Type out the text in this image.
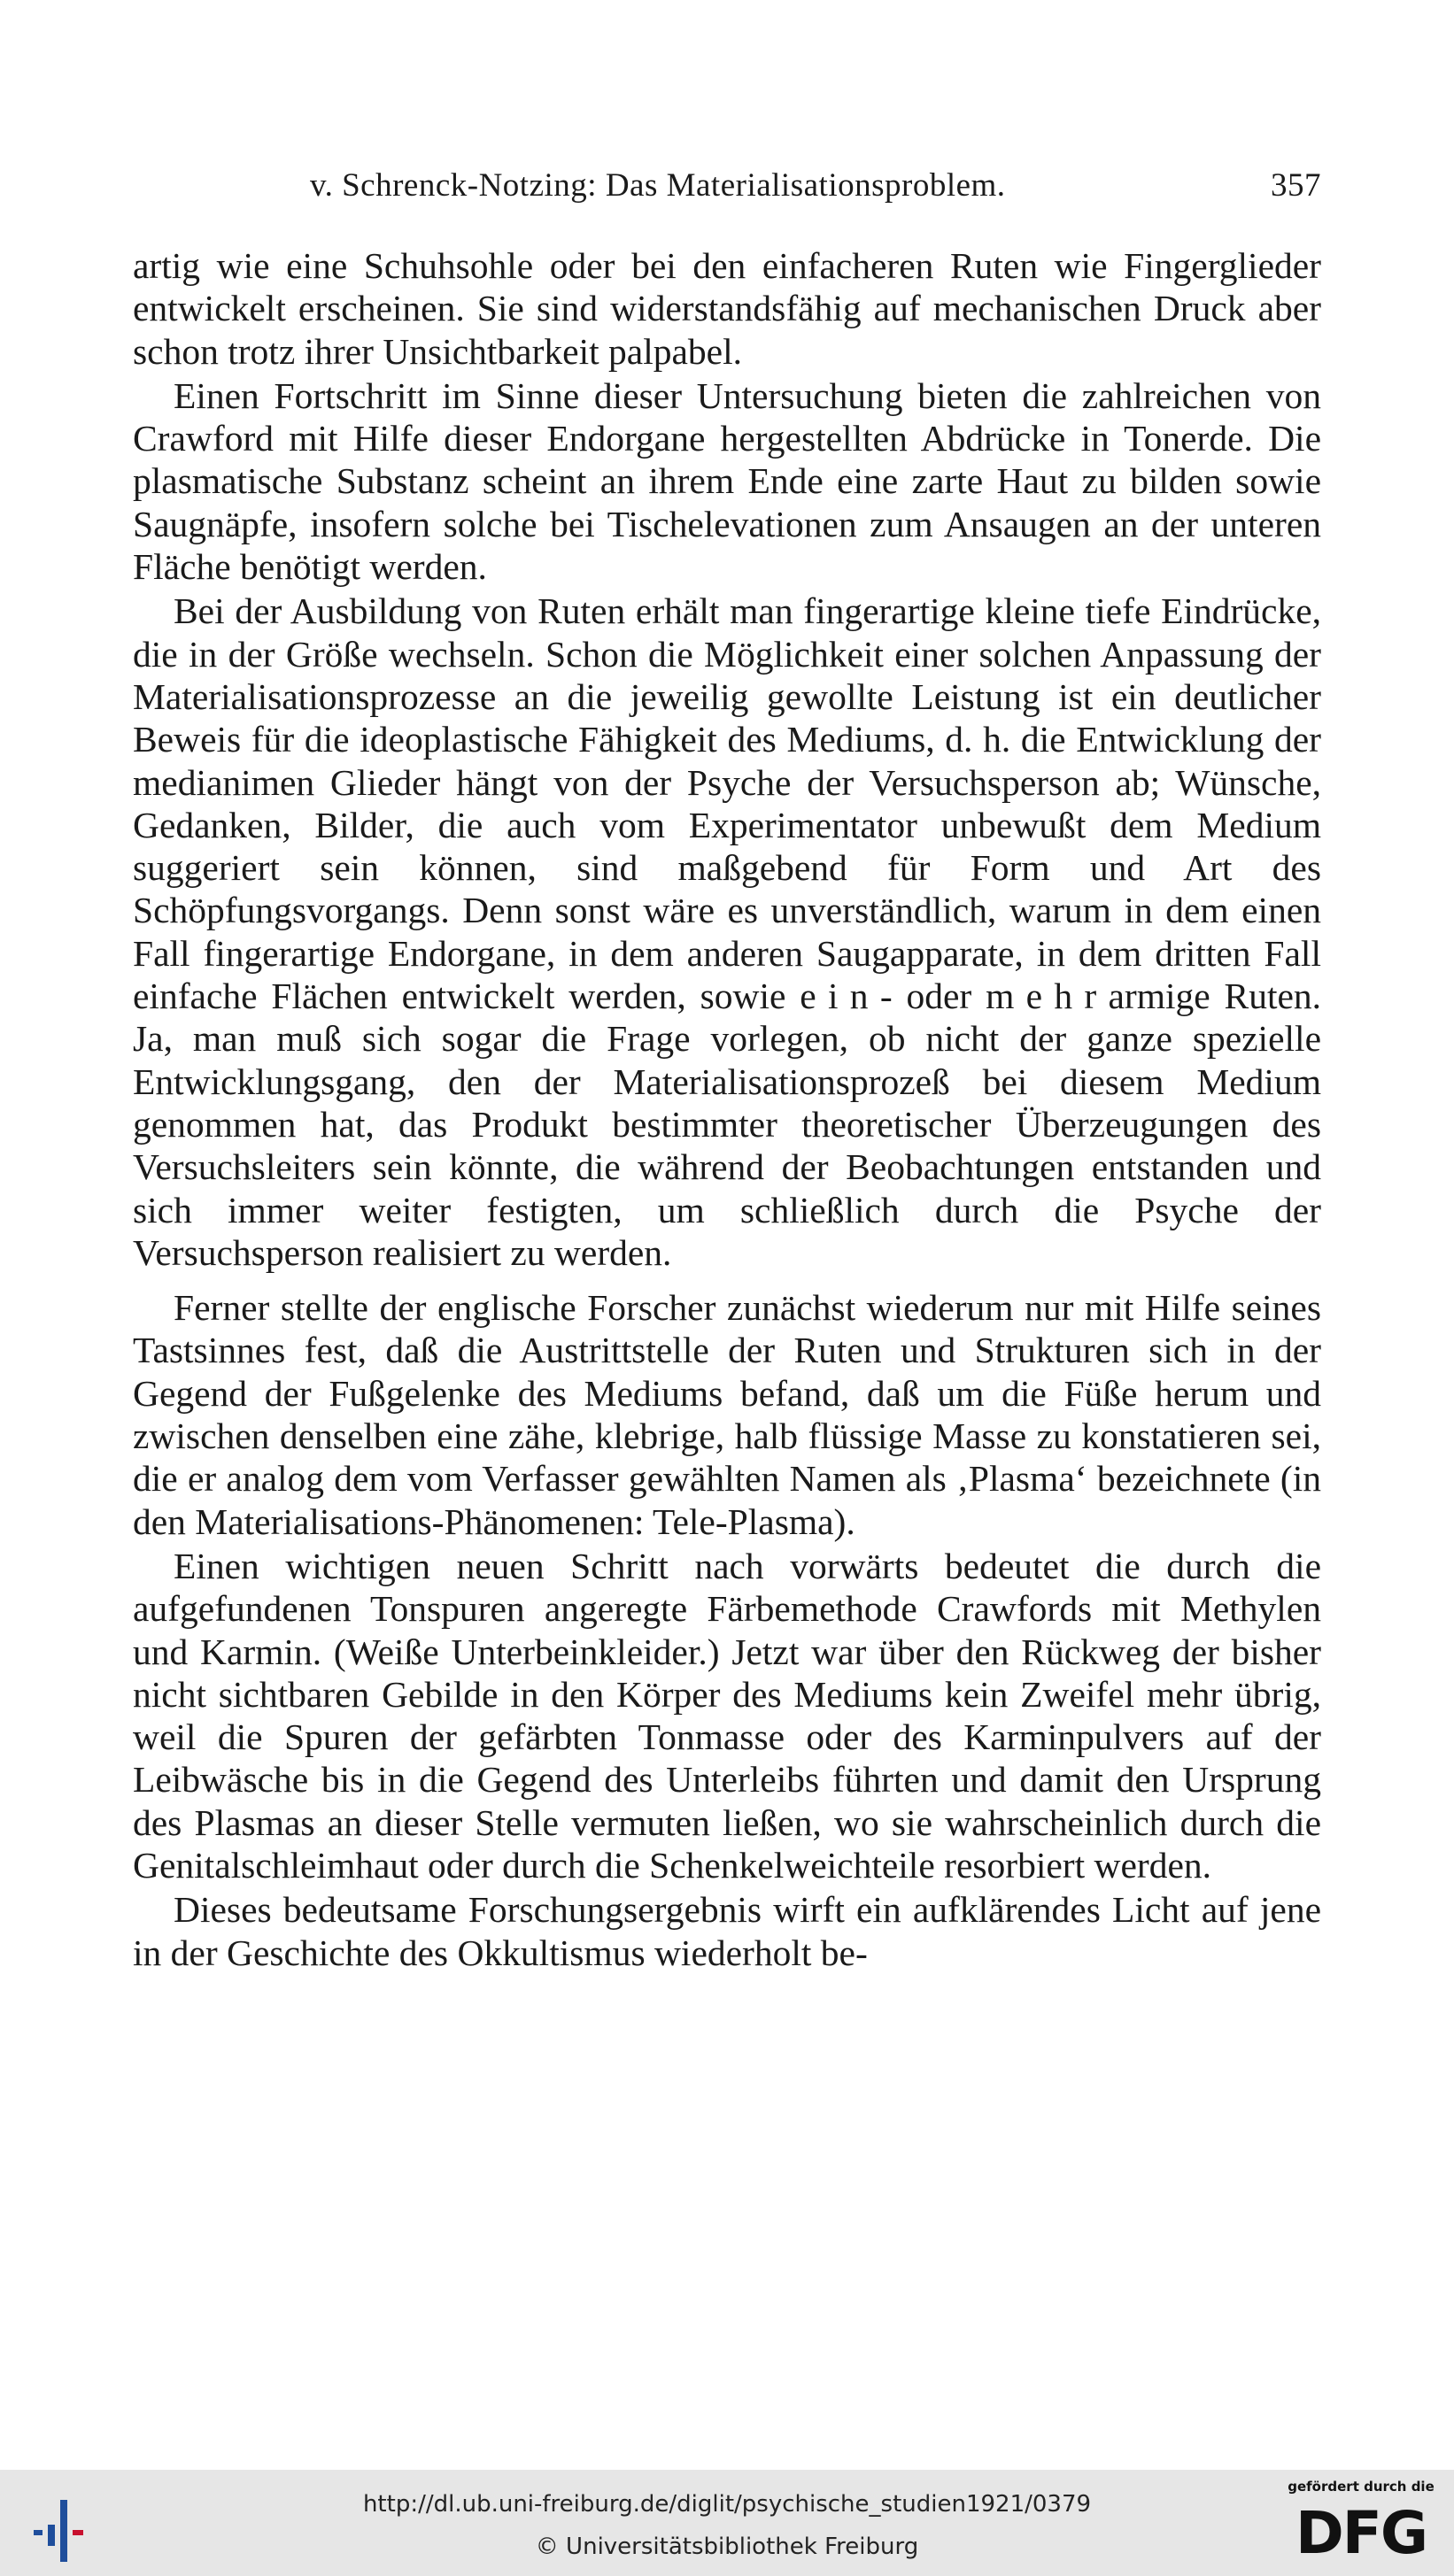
v. Schrenck-Notzing: Das Materialisationsproblem.	357

artig wie eine Schuhsohle oder bei den einfacheren Ruten wie Fingerglieder entwickelt erscheinen. Sie sind widerstandsfähig auf mechanischen Druck aber schon trotz ihrer Unsichtbarkeit palpabel.

Einen Fortschritt im Sinne dieser Untersuchung bieten die zahlreichen von Crawford mit Hilfe dieser Endorgane hergestellten Abdrücke in Tonerde. Die plasmatische Substanz scheint an ihrem Ende eine zarte Haut zu bilden sowie Saugnäpfe, insofern solche bei Tischelevationen zum Ansaugen an der unteren Fläche benötigt werden.

Bei der Ausbildung von Ruten erhält man fingerartige kleine tiefe Eindrücke, die in der Größe wechseln. Schon die Möglichkeit einer solchen Anpassung der Materialisationsprozesse an die jeweilig gewollte Leistung ist ein deutlicher Beweis für die ideoplastische Fähigkeit des Mediums, d. h. die Entwicklung der medianimen Glieder hängt von der Psyche der Versuchsperson ab; Wünsche, Gedanken, Bilder, die auch vom Experimentator unbewußt dem Medium suggeriert sein können, sind maßgebend für Form und Art des Schöpfungsvorgangs. Denn sonst wäre es unverständlich, warum in dem einen Fall fingerartige Endorgane, in dem anderen Saugapparate, in dem dritten Fall einfache Flächen entwickelt werden, sowie ein- oder mehrarmige Ruten. Ja, man muß sich sogar die Frage vorlegen, ob nicht der ganze spezielle Entwicklungsgang, den der Materialisationsprozeß bei diesem Medium genommen hat, das Produkt bestimmter theoretischer Überzeugungen des Versuchsleiters sein könnte, die während der Beobachtungen entstanden und sich immer weiter festigten, um schließlich durch die Psyche der Versuchsperson realisiert zu werden.

Ferner stellte der englische Forscher zunächst wiederum nur mit Hilfe seines Tastsinnes fest, daß die Austrittstelle der Ruten und Strukturen sich in der Gegend der Fußgelenke des Mediums befand, daß um die Füße herum und zwischen denselben eine zähe, klebrige, halb flüssige Masse zu konstatieren sei, die er analog dem vom Verfasser gewählten Namen als ‚Plasma‘ bezeichnete (in den Materialisations-Phänomenen: Tele-Plasma).

Einen wichtigen neuen Schritt nach vorwärts bedeutet die durch die aufgefundenen Tonspuren angeregte Färbemethode Crawfords mit Methylen und Karmin. (Weiße Unterbeinkleider.) Jetzt war über den Rückweg der bisher nicht sichtbaren Gebilde in den Körper des Mediums kein Zweifel mehr übrig, weil die Spuren der gefärbten Tonmasse oder des Karminpulvers auf der Leibwäsche bis in die Gegend des Unterleibs führten und damit den Ursprung des Plasmas an dieser Stelle vermuten ließen, wo sie wahrscheinlich durch die Genitalschleimhaut oder durch die Schenkelweichteile resorbiert werden.

Dieses bedeutsame Forschungsergebnis wirft ein aufklärendes Licht auf jene in der Geschichte des Okkultismus wiederholt be-

http://dl.ub.uni-freiburg.de/diglit/psychische_studien1921/0379
© Universitätsbibliothek Freiburg
gefördert durch die
DFG
